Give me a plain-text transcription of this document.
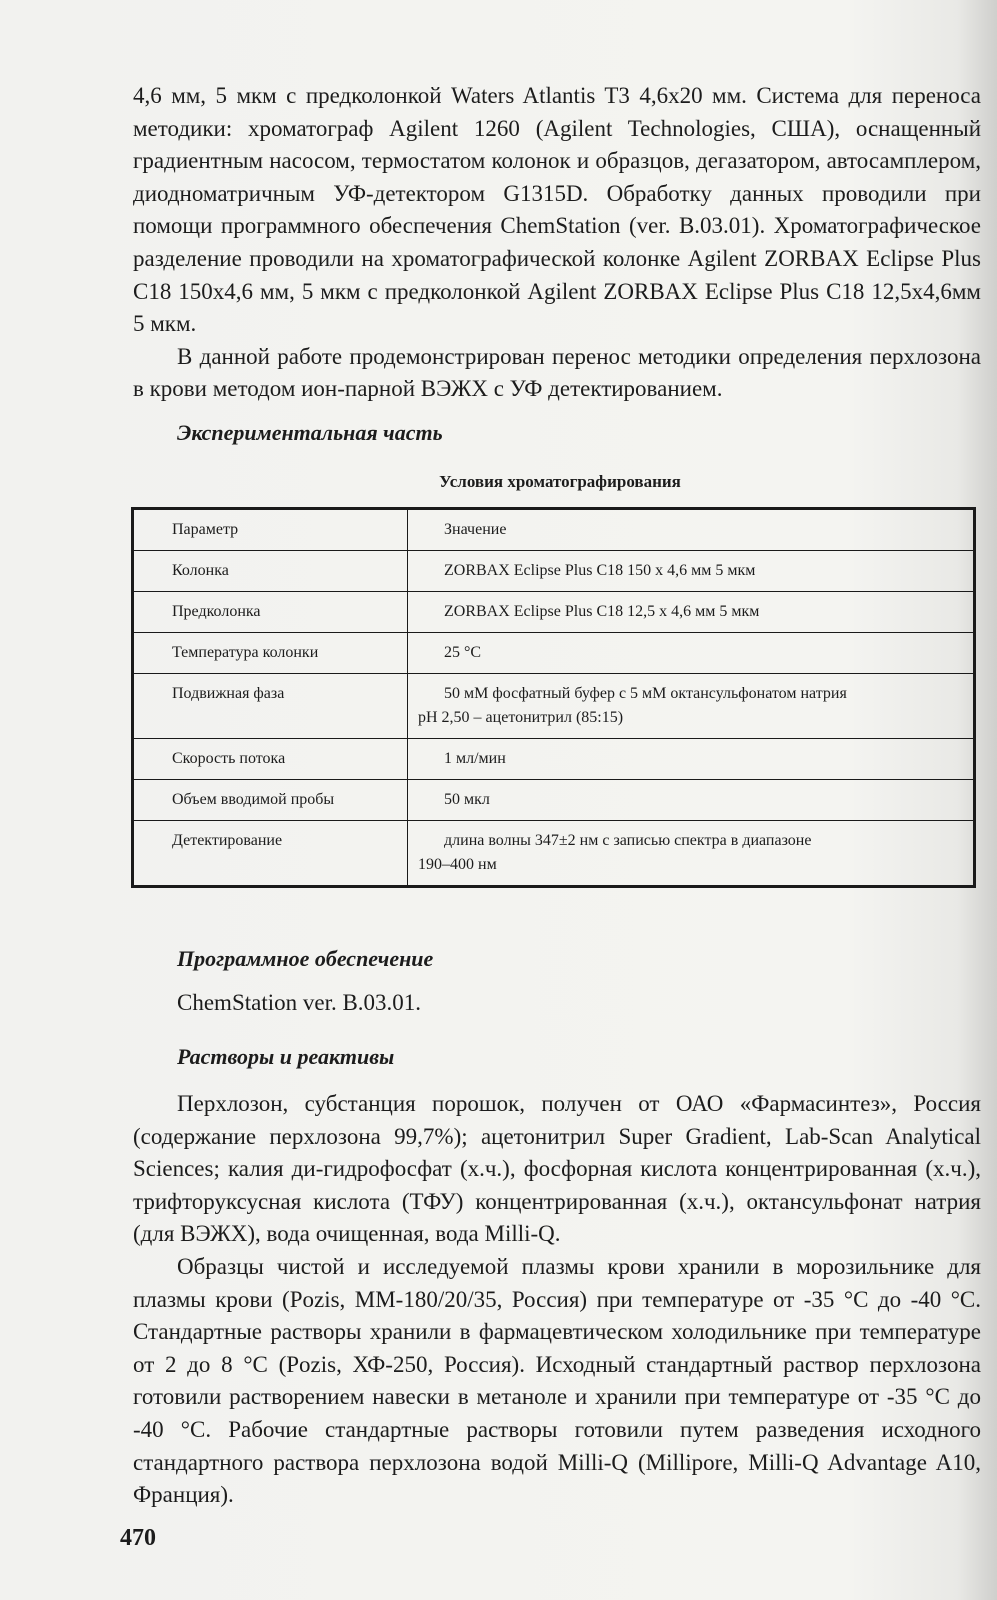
4,6 мм, 5 мкм с предколонкой Waters Atlantis T3 4,6х20 мм. Система для переноса методики: хроматограф Agilent 1260 (Agilent Technologies, США), оснащенный градиентным насосом, термостатом колонок и образцов, дегазатором, автосамплером, диодноматричным УФ-детектором G1315D. Обработку данных проводили при помощи программного обеспечения ChemStation (ver. B.03.01). Хроматографическое разделение проводили на хроматографической колонке Agilent ZORBAX Eclipse Plus C18 150х4,6 мм, 5 мкм с предколонкой Agilent ZORBAX Eclipse Plus C18 12,5х4,6мм 5 мкм.

В данной работе продемонстрирован перенос методики определения перхлозона в крови методом ион-парной ВЭЖХ с УФ детектированием.

Экспериментальная часть
Условия хроматографирования
Параметр	Значение

Колонка	ZORBAX Eclipse Plus C18 150 х 4,6 мм 5 мкм

Предколонка	ZORBAX Eclipse Plus C18 12,5 х 4,6 мм 5 мкм

Температура колонки	25 °С

Подвижная фаза	50 мМ фосфатный буфер с 5 мМ октансульфонатом натрия
pH 2,50 – ацетонитрил (85:15)

Скорость потока	1 мл/мин

Объем вводимой пробы	50 мкл

Детектирование	длина волны 347±2 нм с записью спектра в диапазоне
190–400 нм
Программное обеспечение
ChemStation ver. B.03.01.
Растворы и реактивы

Перхлозон, субстанция порошок, получен от ОАО «Фармасинтез», Россия (содержание перхлозона 99,7%); ацетонитрил Super Gradient, Lab-Scan Analytical Sciences; калия ди-гидрофосфат (х.ч.), фосфорная кислота концентрированная (х.ч.), трифторуксусная кислота (ТФУ) концентрированная (х.ч.), октансульфонат натрия (для ВЭЖХ), вода очищенная, вода Milli-Q.

Образцы чистой и исследуемой плазмы крови хранили в морозильнике для плазмы крови (Pozis, ММ-180/20/35, Россия) при температуре от -35 °С до -40 °С. Стандартные растворы хранили в фармацевтическом холодильнике при температуре от 2 до 8 °С (Pozis, ХФ-250, Россия). Исходный стандартный раствор перхлозона готовили растворением навески в метаноле и хранили при температуре от -35 °С до -40 °С. Рабочие стандартные растворы готовили путем разведения исходного стандартного раствора перхлозона водой Milli-Q (Millipore, Milli-Q Advantage A10, Франция).

470
